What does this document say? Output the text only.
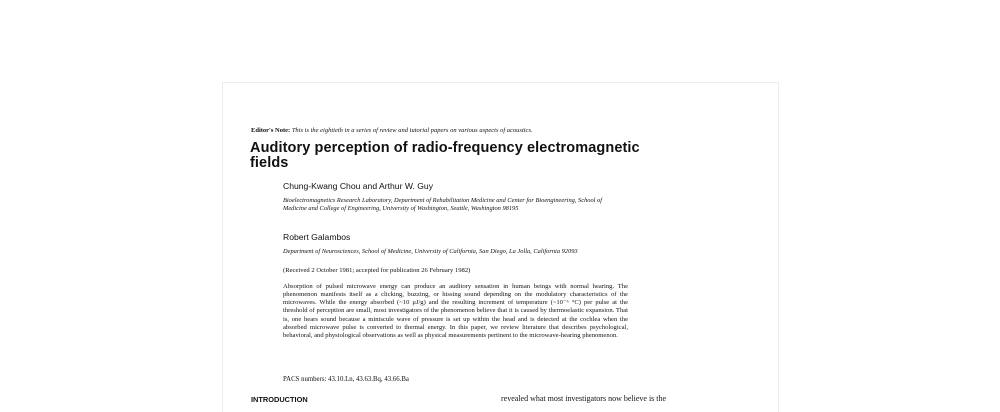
Editor's Note: This is the eightieth in a series of review and tutorial papers on various aspects of acoustics.
Auditory perception of radio-frequency electromagnetic fields
Chung-Kwang Chou and Arthur W. Guy
Bioelectromagnetics Research Laboratory, Department of Rehabilitation Medicine and Center for Bioengineering, School of Medicine and College of Engineering, University of Washington, Seattle, Washington 98195
Robert Galambos
Department of Neurosciences, School of Medicine, University of California, San Diego, La Jolla, California 92093
(Received 2 October 1981; accepted for publication 26 February 1982)
Absorption of pulsed microwave energy can produce an auditory sensation in human beings with normal hearing. The phenomenon manifests itself as a clicking, buzzing, or hissing sound depending on the modulatory characteristics of the microwaves. While the energy absorbed (~10 μJ/g) and the resulting increment of temperature (~10⁻⁶ °C) per pulse at the threshold of perception are small, most investigators of the phenomenon believe that it is caused by thermoelastic expansion. That is, one hears sound because a miniscule wave of pressure is set up within the head and is detected at the cochlea when the absorbed microwave pulse is converted to thermal energy. In this paper, we review literature that describes psychological, behavioral, and physiological observations as well as physical measurements pertinent to the microwave-hearing phenomenon.
PACS numbers: 43.10.Ln, 43.63.Bq, 43.66.Ba
INTRODUCTION	revealed what most investigators now believe is the
